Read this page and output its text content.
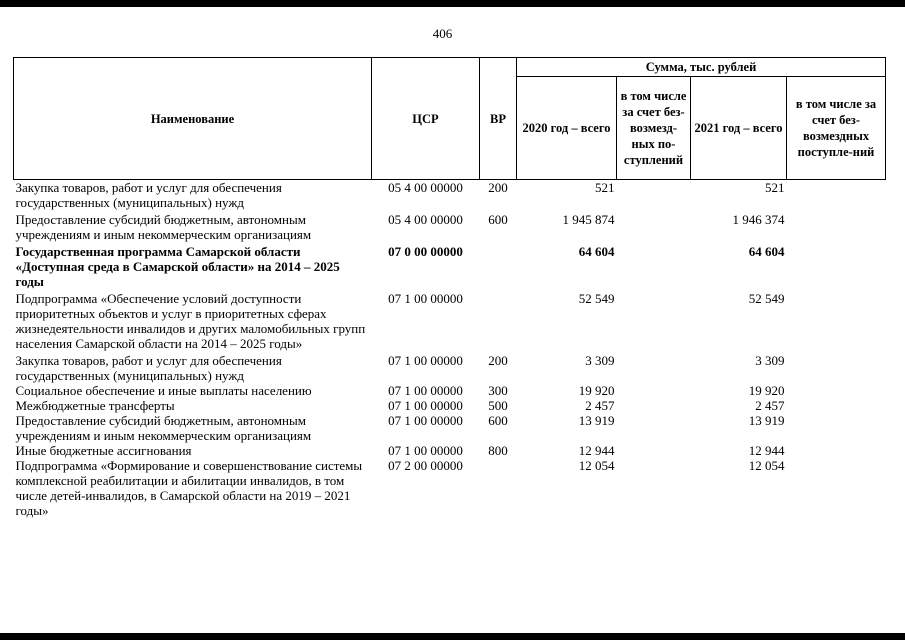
406
Наименование	ЦСР	ВР	Сумма, тыс. рублей			
			2020 год – всего	в том числе за счет без-возмезд-ных по-ступлений	2021 год – всего	в том числе за счет без-возмездных поступле-ний
Закупка товаров, работ и услуг для обеспечения государственных (муниципальных) нужд	05 4 00 00000	200	521		521	
Предоставление субсидий бюджетным, автономным учреждениям и иным некоммерческим организациям	05 4 00 00000	600	1 945 874		1 946 374	
Государственная программа Самарской области «Доступная среда в Самарской области» на 2014 – 2025 годы	07 0 00 00000		64 604		64 604	
Подпрограмма «Обеспечение условий доступности приоритетных объектов и услуг в приоритетных сферах жизнедеятельности инвалидов и других маломобильных групп населения Самарской области на 2014 – 2025 годы»	07 1 00 00000		52 549		52 549	
Закупка товаров, работ и услуг для обеспечения государственных (муниципальных) нужд	07 1 00 00000	200	3 309		3 309	
Социальное обеспечение и иные выплаты населению	07 1 00 00000	300	19 920		19 920	
Межбюджетные трансферты	07 1 00 00000	500	2 457		2 457	
Предоставление субсидий бюджетным, автономным учреждениям и иным некоммерческим организациям	07 1 00 00000	600	13 919		13 919	
Иные бюджетные ассигнования	07 1 00 00000	800	12 944		12 944	
Подпрограмма «Формирование и совершенствование системы комплексной реабилитации и абилитации инвалидов, в том числе детей-инвалидов, в Самарской области на 2019 – 2021 годы»	07 2 00 00000		12 054		12 054	
